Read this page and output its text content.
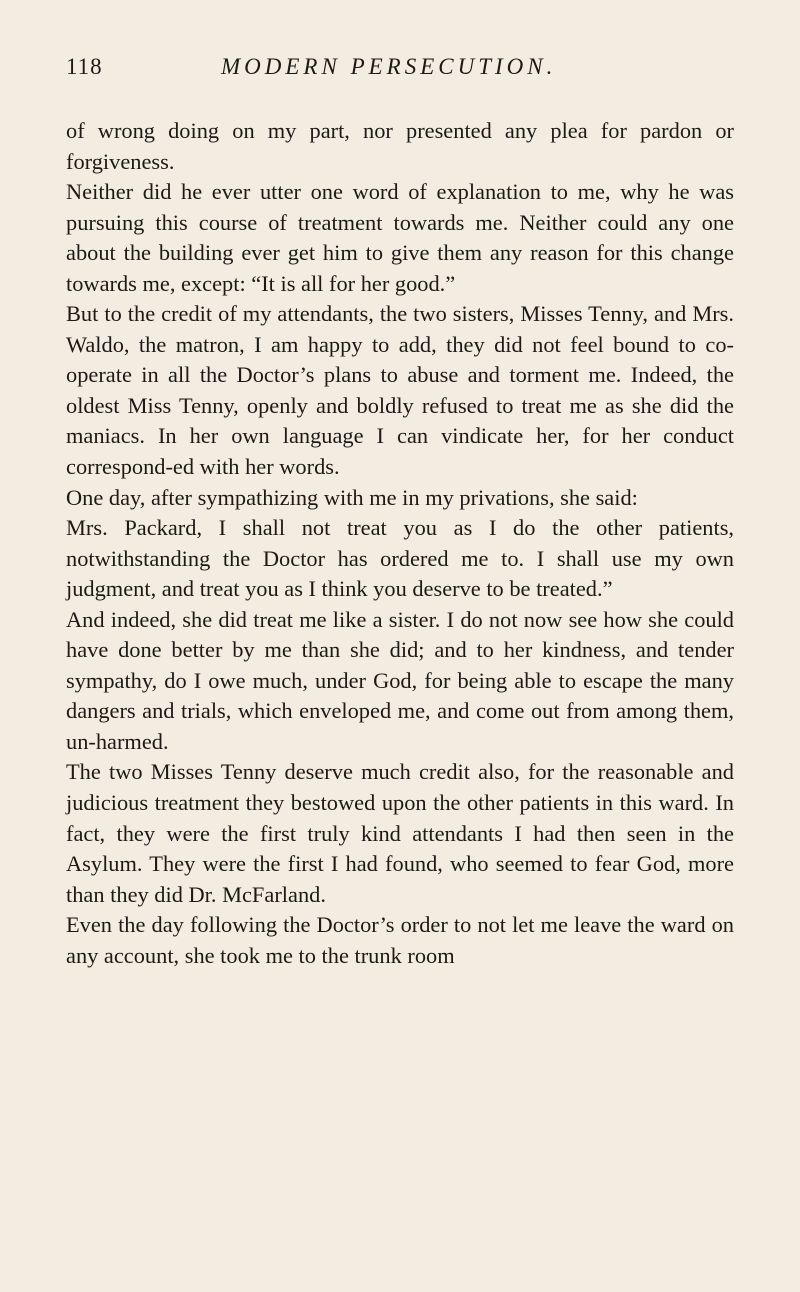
118	MODERN PERSECUTION.

of wrong doing on my part, nor presented any plea for pardon or forgiveness.

Neither did he ever utter one word of explanation to me, why he was pursuing this course of treatment towards me. Neither could any one about the building ever get him to give them any reason for this change towards me, except: “It is all for her good.”

But to the credit of my attendants, the two sisters, Misses Tenny, and Mrs. Waldo, the matron, I am happy to add, they did not feel bound to co-operate in all the Doctor’s plans to abuse and torment me. Indeed, the oldest Miss Tenny, openly and boldly refused to treat me as she did the maniacs. In her own language I can vindicate her, for her conduct correspond-ed with her words.

One day, after sympathizing with me in my privations, she said:

Mrs. Packard, I shall not treat you as I do the other patients, notwithstanding the Doctor has ordered me to. I shall use my own judgment, and treat you as I think you deserve to be treated.”

And indeed, she did treat me like a sister. I do not now see how she could have done better by me than she did; and to her kindness, and tender sympathy, do I owe much, under God, for being able to escape the many dangers and trials, which enveloped me, and come out from among them, un-harmed.

The two Misses Tenny deserve much credit also, for the reasonable and judicious treatment they bestowed upon the other patients in this ward. In fact, they were the first truly kind attendants I had then seen in the Asylum. They were the first I had found, who seemed to fear God, more than they did Dr. McFarland.

Even the day following the Doctor’s order to not let me leave the ward on any account, she took me to the trunk room
